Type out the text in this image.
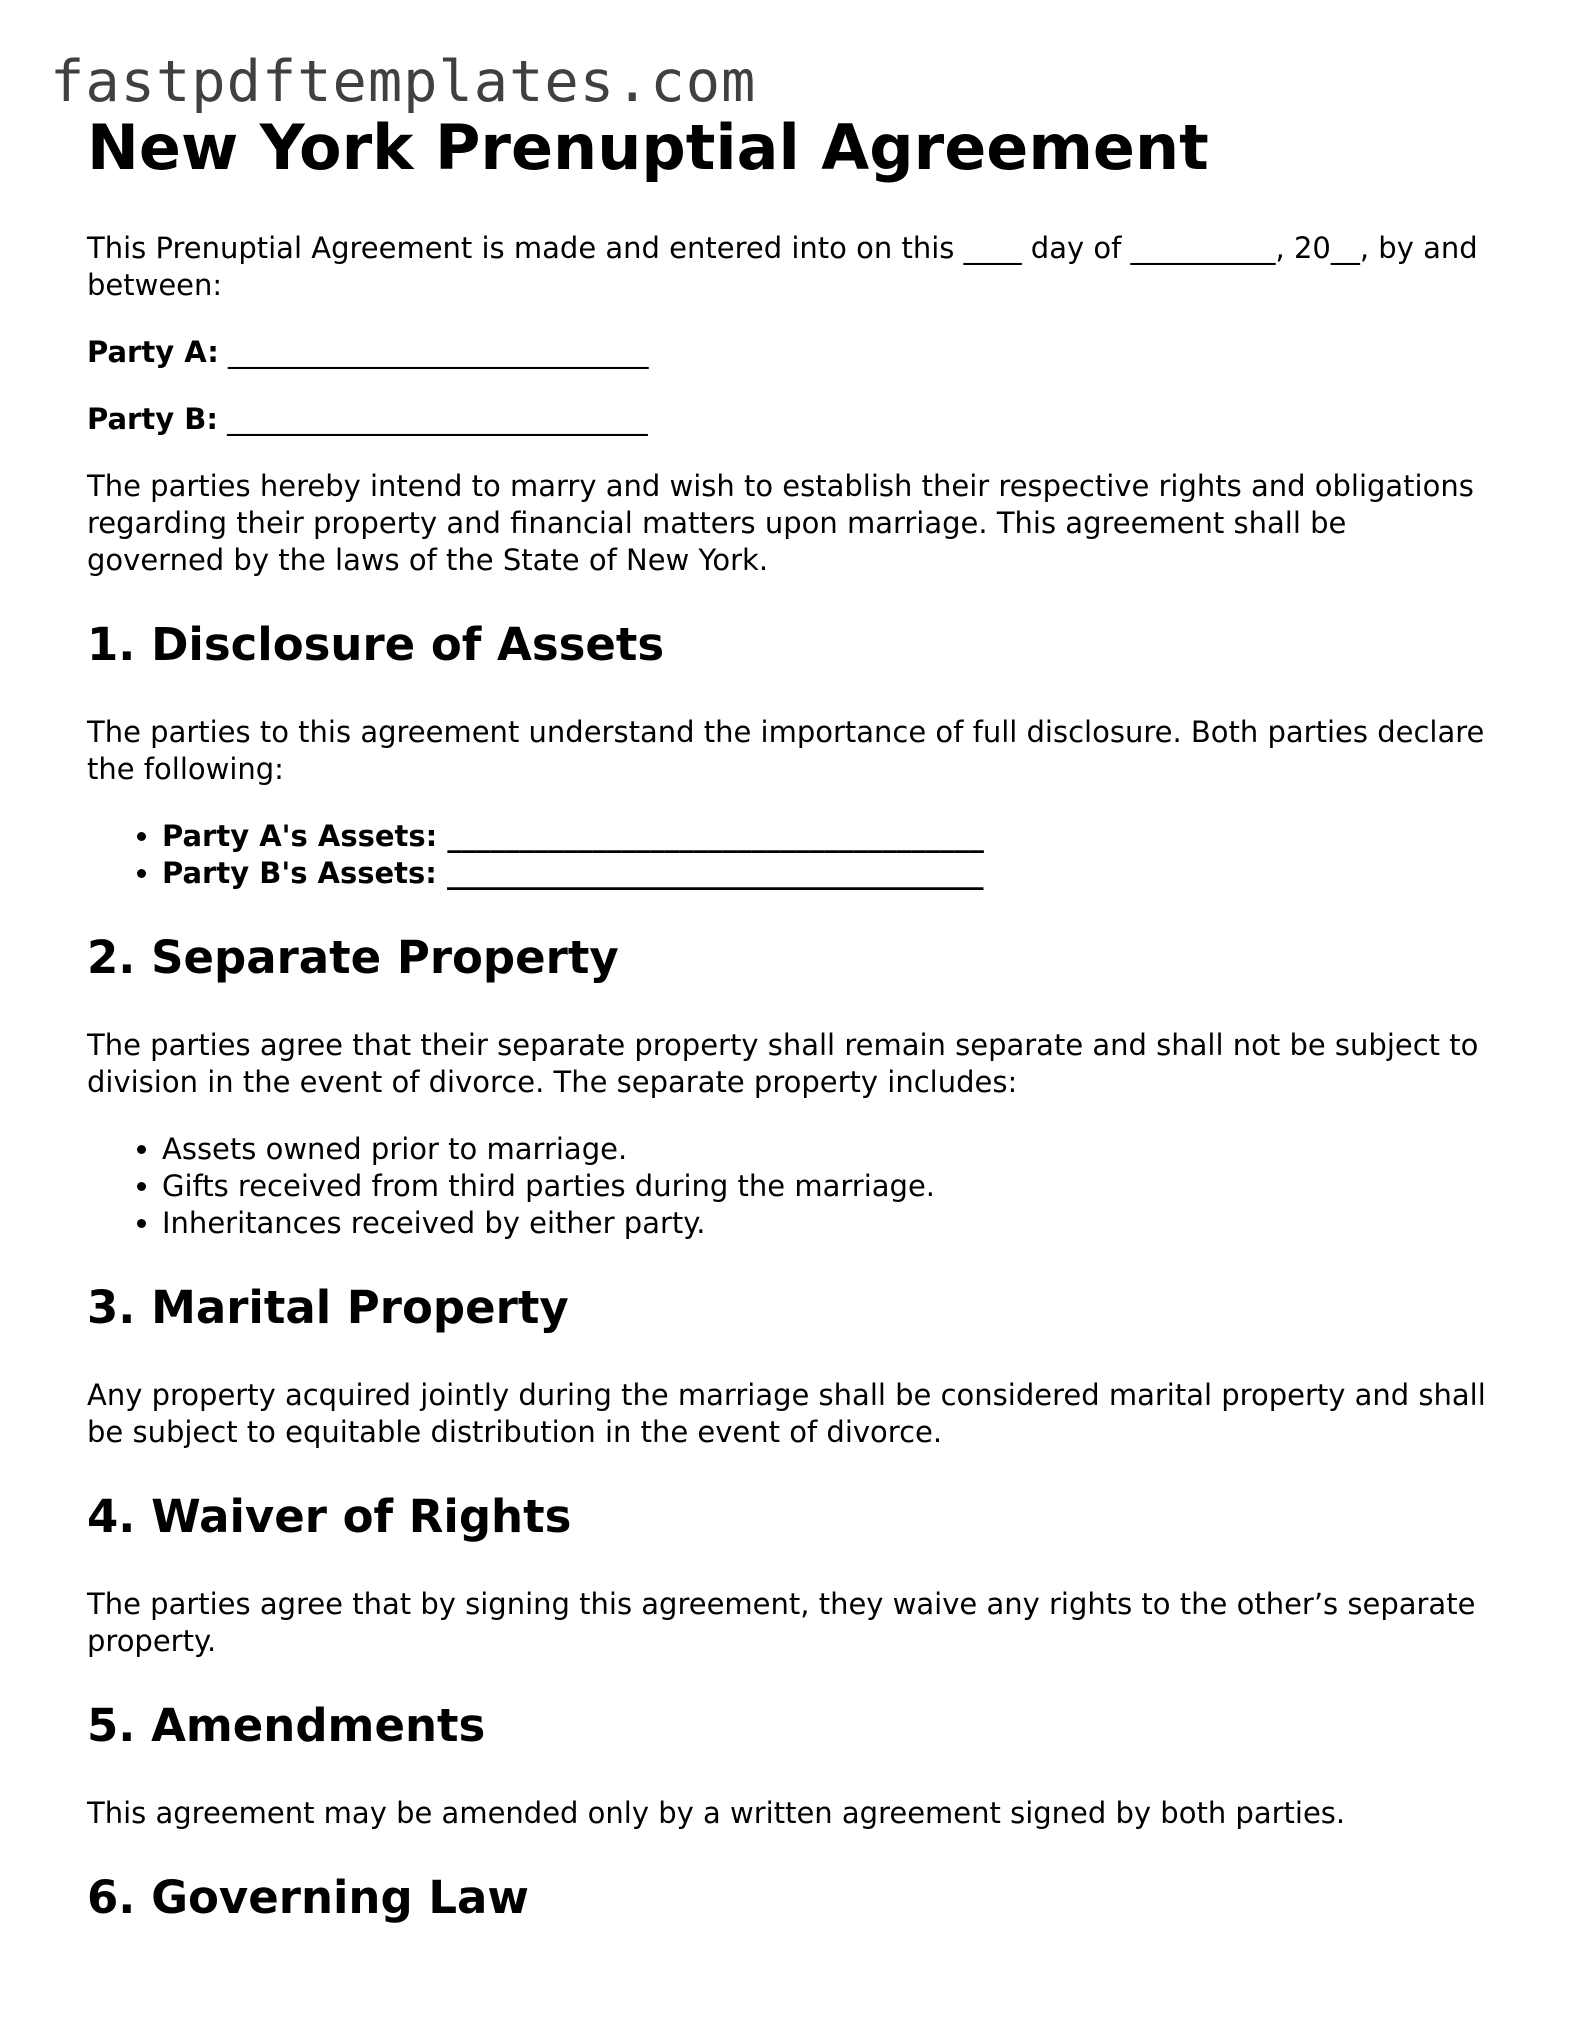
fastpdftemplates.com
New York Prenuptial Agreement

This Prenuptial Agreement is made and entered into on this ____ day of __________, 20__, by and between:

Party A: _____________________________

Party B: _____________________________

The parties hereby intend to marry and wish to establish their respective rights and obligations regarding their property and financial matters upon marriage. This agreement shall be governed by the laws of the State of New York.

1. Disclosure of Assets

The parties to this agreement understand the importance of full disclosure. Both parties declare the following:

• Party A's Assets: _____________________________________
• Party B's Assets: _____________________________________
2. Separate Property

The parties agree that their separate property shall remain separate and shall not be subject to division in the event of divorce. The separate property includes:

• Assets owned prior to marriage.
• Gifts received from third parties during the marriage.
• Inheritances received by either party.
3. Marital Property

Any property acquired jointly during the marriage shall be considered marital property and shall be subject to equitable distribution in the event of divorce.

4. Waiver of Rights

The parties agree that by signing this agreement, they waive any rights to the other’s separate property.

5. Amendments

This agreement may be amended only by a written agreement signed by both parties.

6. Governing Law
